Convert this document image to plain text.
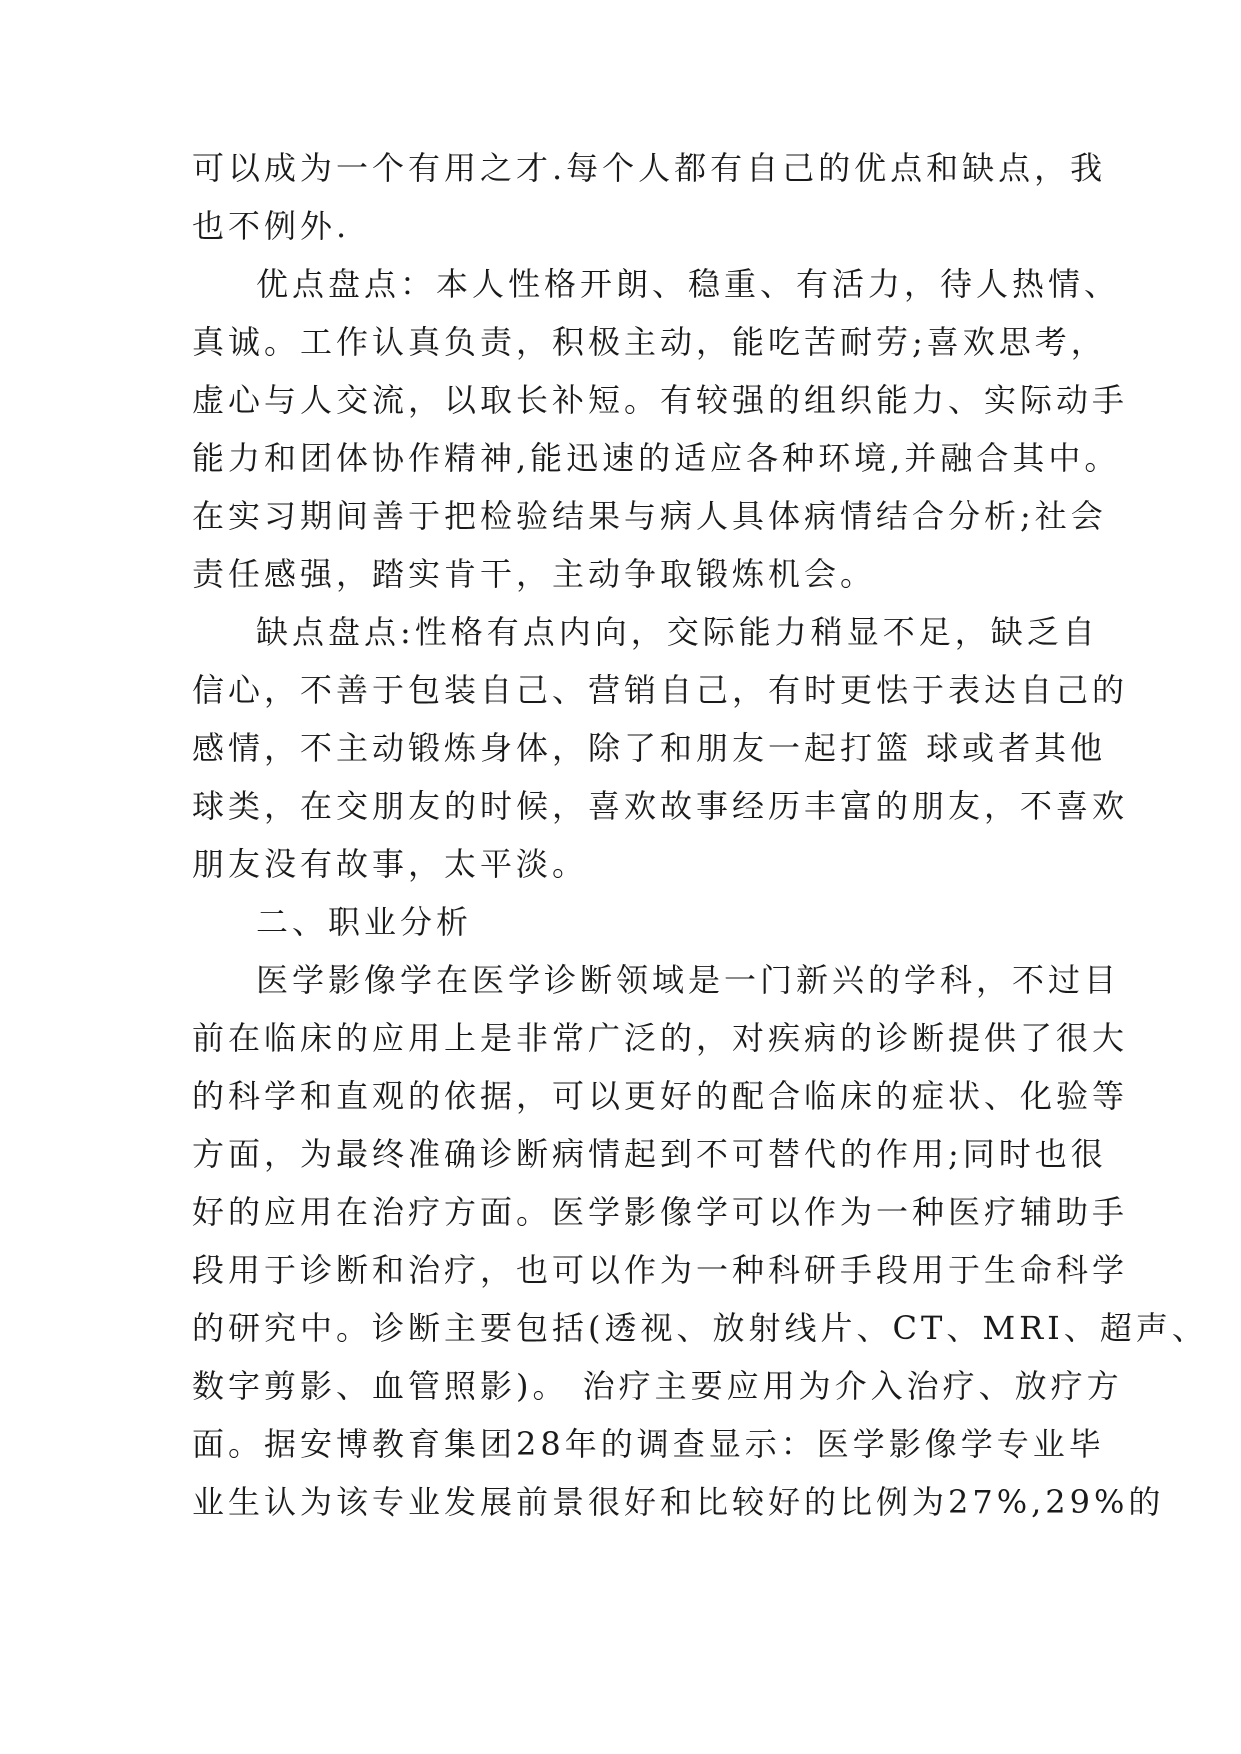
可以成为一个有用之才.每个人都有自己的优点和缺点，我
也不例外.
优点盘点：本人性格开朗、稳重、有活力，待人热情、
真诚。工作认真负责，积极主动，能吃苦耐劳;喜欢思考，
虚心与人交流，以取长补短。有较强的组织能力、实际动手
能力和团体协作精神,能迅速的适应各种环境,并融合其中。
在实习期间善于把检验结果与病人具体病情结合分析;社会
责任感强，踏实肯干，主动争取锻炼机会。
缺点盘点:性格有点内向，交际能力稍显不足，缺乏自
信心，不善于包装自己、营销自己，有时更怯于表达自己的
感情，不主动锻炼身体，除了和朋友一起打篮 球或者其他
球类，在交朋友的时候，喜欢故事经历丰富的朋友，不喜欢
朋友没有故事，太平淡。
二、职业分析
医学影像学在医学诊断领域是一门新兴的学科，不过目
前在临床的应用上是非常广泛的，对疾病的诊断提供了很大
的科学和直观的依据，可以更好的配合临床的症状、化验等
方面，为最终准确诊断病情起到不可替代的作用;同时也很
好的应用在治疗方面。医学影像学可以作为一种医疗辅助手
段用于诊断和治疗，也可以作为一种科研手段用于生命科学
的研究中。诊断主要包括(透视、放射线片、CT、MRI、超声、
数字剪影、血管照影)。 治疗主要应用为介入治疗、放疗方
面。据安博教育集团28年的调查显示：医学影像学专业毕
业生认为该专业发展前景很好和比较好的比例为27%,29%的
